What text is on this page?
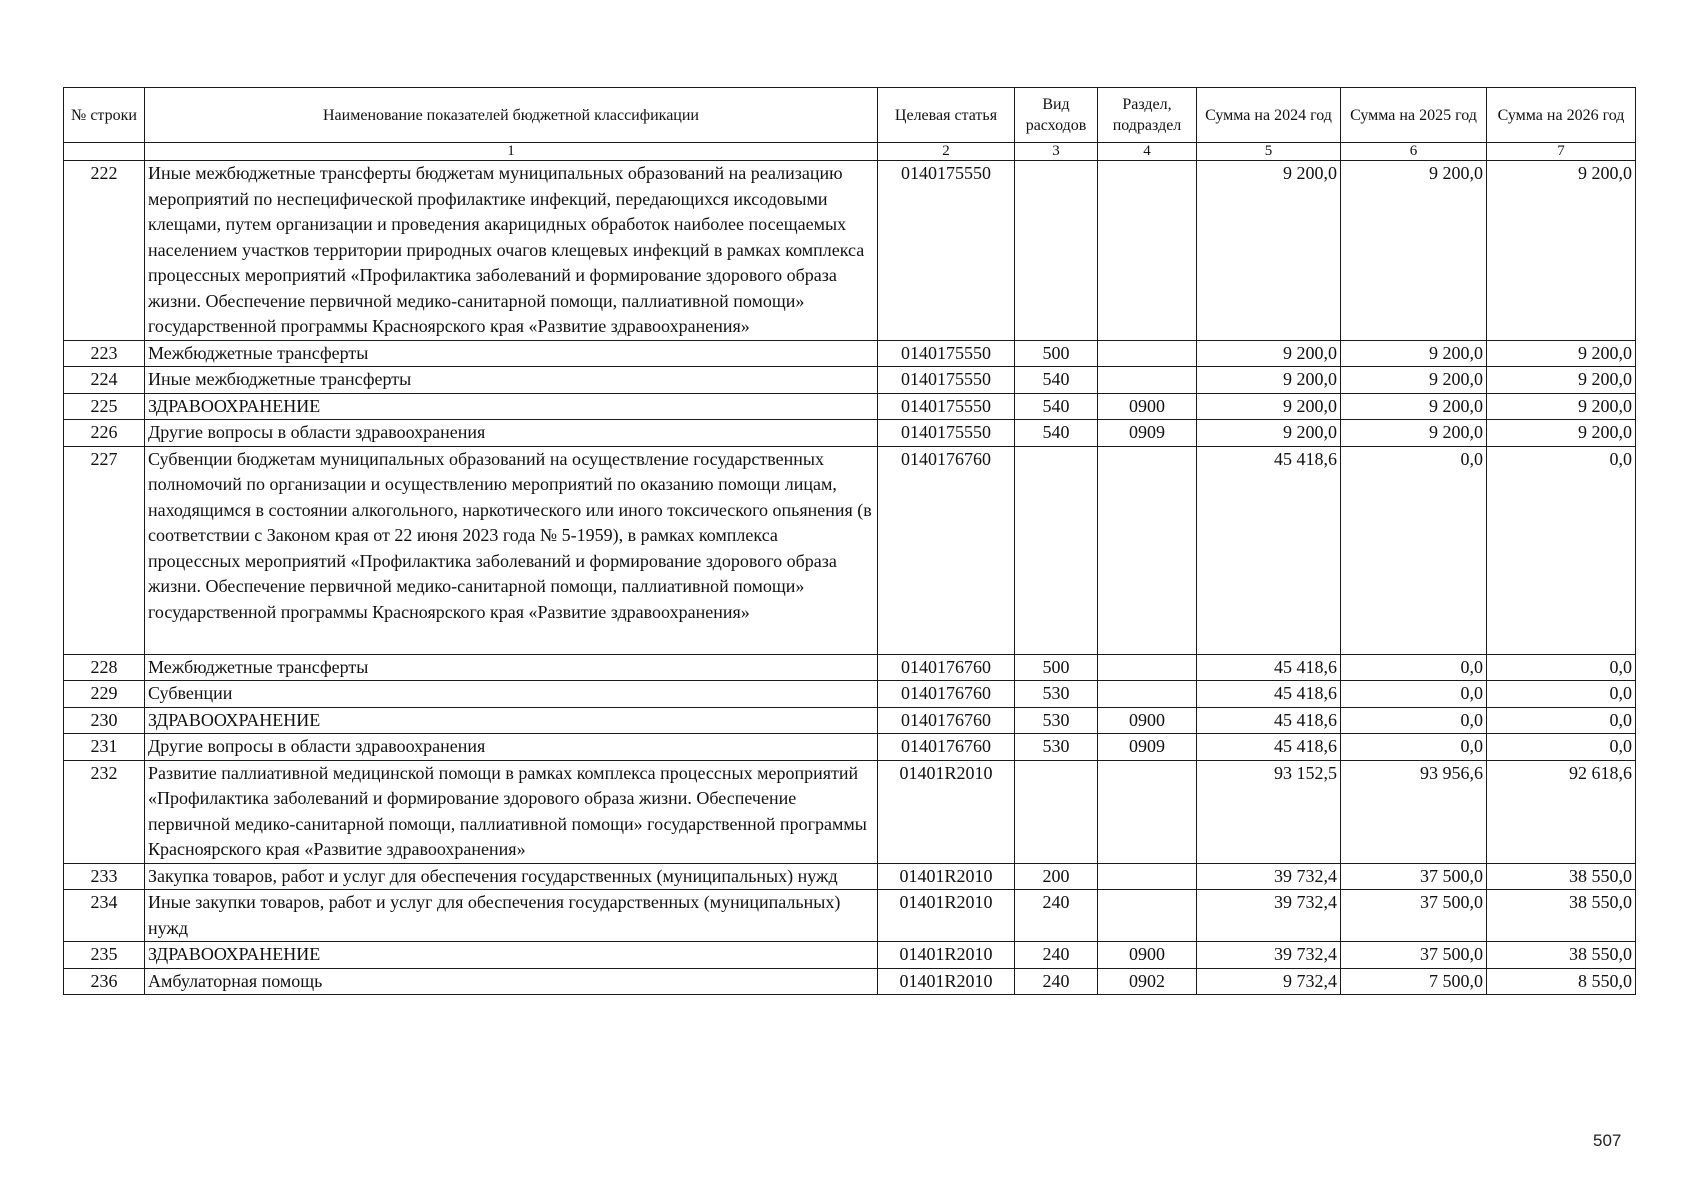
№ строки	Наименование показателей бюджетной классификации	Целевая статья	Вид расходов	Раздел, подраздел	Сумма на 2024 год	Сумма на 2025 год	Сумма на 2026 год
	1	2	3	4	5	6	7
222	Иные межбюджетные трансферты бюджетам муниципальных образований на реализацию мероприятий по неспецифической профилактике инфекций, передающихся иксодовыми клещами, путем организации и проведения акарицидных обработок наиболее посещаемых населением участков территории природных очагов клещевых инфекций в рамках комплекса процессных мероприятий «Профилактика заболеваний и формирование здорового образа жизни. Обеспечение первичной медико-санитарной помощи, паллиативной помощи» государственной программы Красноярского края «Развитие здравоохранения»	0140175550			9 200,0	9 200,0	9 200,0
223	Межбюджетные трансферты	0140175550	500		9 200,0	9 200,0	9 200,0
224	Иные межбюджетные трансферты	0140175550	540		9 200,0	9 200,0	9 200,0
225	ЗДРАВООХРАНЕНИЕ	0140175550	540	0900	9 200,0	9 200,0	9 200,0
226	Другие вопросы в области здравоохранения	0140175550	540	0909	9 200,0	9 200,0	9 200,0
227	Субвенции бюджетам муниципальных образований на осуществление государственных полномочий по организации и осуществлению мероприятий по оказанию помощи лицам, находящимся в состоянии алкогольного, наркотического или иного токсического опьянения (в соответствии с Законом края от 22 июня 2023 года № 5-1959), в рамках комплекса процессных мероприятий «Профилактика заболеваний и формирование здорового образа жизни. Обеспечение первичной медико-санитарной помощи, паллиативной помощи» государственной программы Красноярского края «Развитие здравоохранения»	0140176760			45 418,6	0,0	0,0
228	Межбюджетные трансферты	0140176760	500		45 418,6	0,0	0,0
229	Субвенции	0140176760	530		45 418,6	0,0	0,0
230	ЗДРАВООХРАНЕНИЕ	0140176760	530	0900	45 418,6	0,0	0,0
231	Другие вопросы в области здравоохранения	0140176760	530	0909	45 418,6	0,0	0,0
232	Развитие паллиативной медицинской помощи в рамках комплекса процессных мероприятий «Профилактика заболеваний и формирование здорового образа жизни. Обеспечение первичной медико-санитарной помощи, паллиативной помощи» государственной программы Красноярского края «Развитие здравоохранения»	01401R2010			93 152,5	93 956,6	92 618,6
233	Закупка товаров, работ и услуг для обеспечения государственных (муниципальных) нужд	01401R2010	200		39 732,4	37 500,0	38 550,0
234	Иные закупки товаров, работ и услуг для обеспечения государственных (муниципальных) нужд	01401R2010	240		39 732,4	37 500,0	38 550,0
235	ЗДРАВООХРАНЕНИЕ	01401R2010	240	0900	39 732,4	37 500,0	38 550,0
236	Амбулаторная помощь	01401R2010	240	0902	9 732,4	7 500,0	8 550,0
507
